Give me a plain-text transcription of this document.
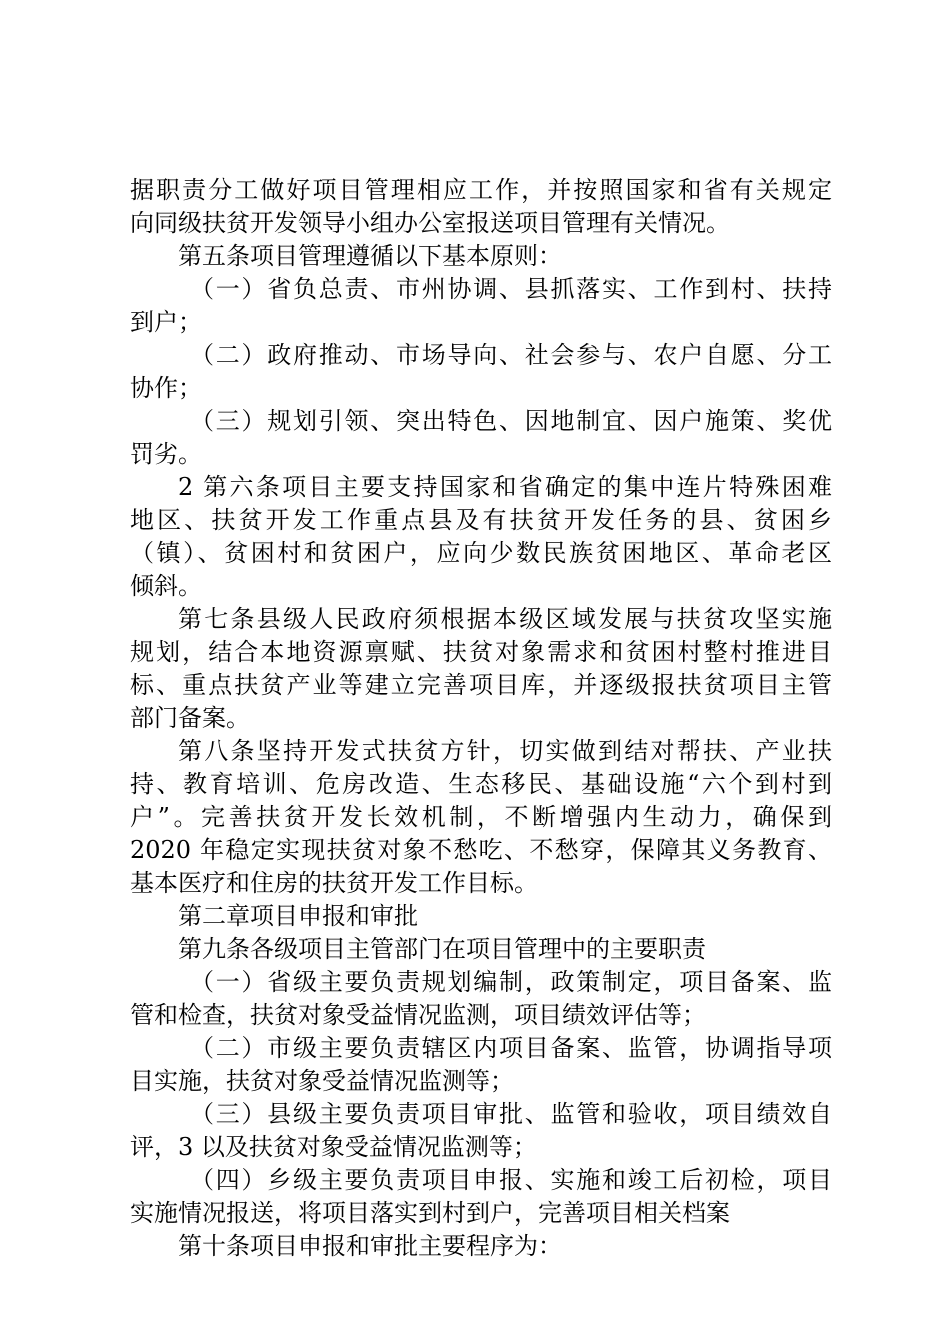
据职责分工做好项目管理相应工作，并按照国家和省有关规定
向同级扶贫开发领导小组办公室报送项目管理有关情况。
第五条项目管理遵循以下基本原则：
（一）省负总责、市州协调、县抓落实、工作到村、扶持
到户；
（二）政府推动、市场导向、社会参与、农户自愿、分工
协作；
（三）规划引领、突出特色、因地制宜、因户施策、奖优
罚劣。
2 第六条项目主要支持国家和省确定的集中连片特殊困难
地区、扶贫开发工作重点县及有扶贫开发任务的县、贫困乡
（镇）、贫困村和贫困户，应向少数民族贫困地区、革命老区
倾斜。
第七条县级人民政府须根据本级区域发展与扶贫攻坚实施
规划，结合本地资源禀赋、扶贫对象需求和贫困村整村推进目
标、重点扶贫产业等建立完善项目库，并逐级报扶贫项目主管
部门备案。
第八条坚持开发式扶贫方针，切实做到结对帮扶、产业扶
持、教育培训、危房改造、生态移民、基础设施“六个到村到
户”。完善扶贫开发长效机制，不断增强内生动力，确保到
2020 年稳定实现扶贫对象不愁吃、不愁穿，保障其义务教育、
基本医疗和住房的扶贫开发工作目标。
第二章项目申报和审批
第九条各级项目主管部门在项目管理中的主要职责
（一）省级主要负责规划编制，政策制定，项目备案、监
管和检查，扶贫对象受益情况监测，项目绩效评估等；
（二）市级主要负责辖区内项目备案、监管，协调指导项
目实施，扶贫对象受益情况监测等；
（三）县级主要负责项目审批、监管和验收，项目绩效自
评，3 以及扶贫对象受益情况监测等；
（四）乡级主要负责项目申报、实施和竣工后初检，项目
实施情况报送，将项目落实到村到户，完善项目相关档案
第十条项目申报和审批主要程序为：
